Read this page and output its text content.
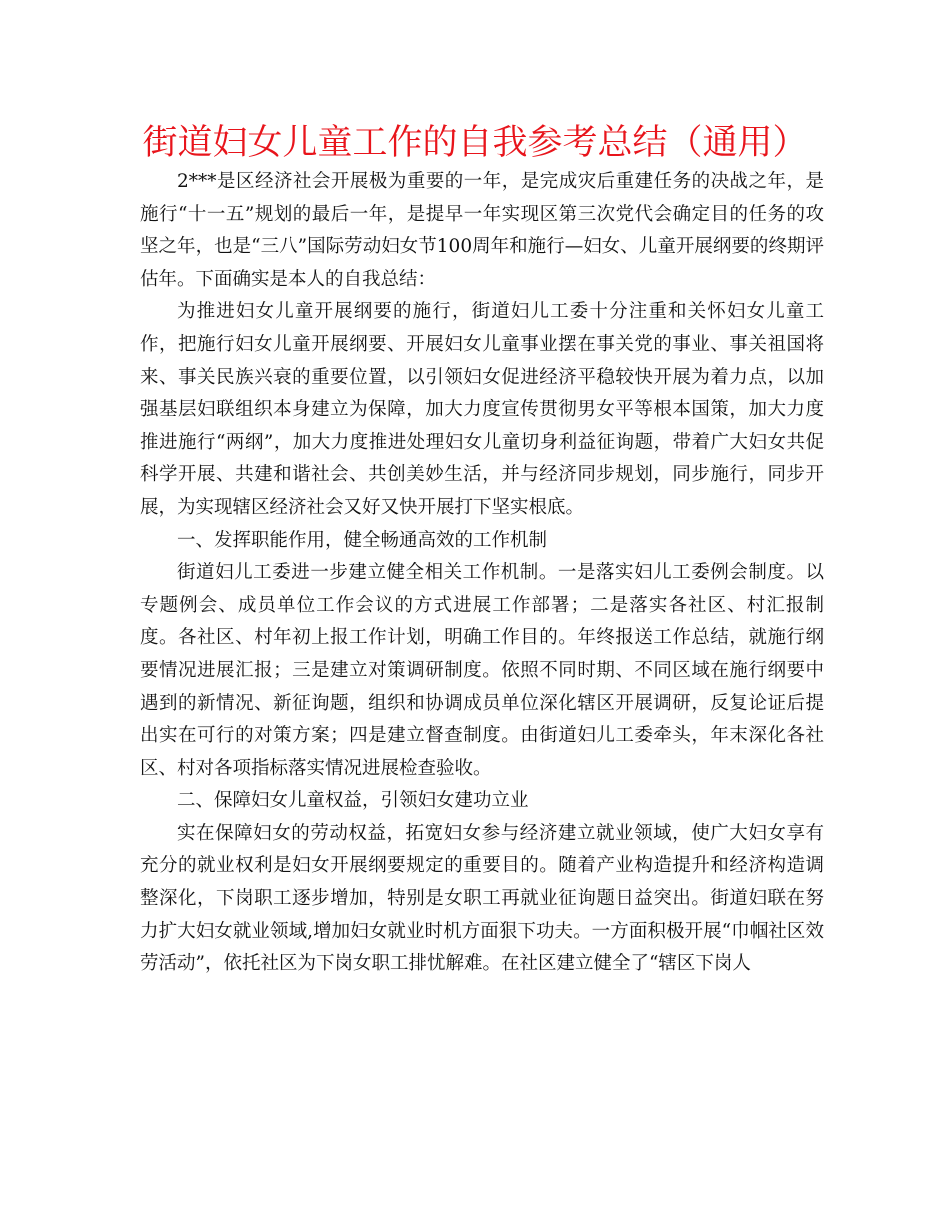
街道妇女儿童工作的自我参考总结（通用）

2***是区经济社会开展极为重要的一年，是完成灾后重建任务的决战之年，是施行“十一五”规划的最后一年，是提早一年实现区第三次党代会确定目的任务的攻坚之年，也是“三八”国际劳动妇女节100周年和施行—妇女、儿童开展纲要的终期评估年。下面确实是本人的自我总结：

为推进妇女儿童开展纲要的施行，街道妇儿工委十分注重和关怀妇女儿童工作，把施行妇女儿童开展纲要、开展妇女儿童事业摆在事关党的事业、事关祖国将来、事关民族兴衰的重要位置，以引领妇女促进经济平稳较快开展为着力点，以加强基层妇联组织本身建立为保障，加大力度宣传贯彻男女平等根本国策，加大力度推进施行“两纲”，加大力度推进处理妇女儿童切身利益征询题，带着广大妇女共促科学开展、共建和谐社会、共创美妙生活，并与经济同步规划，同步施行，同步开展，为实现辖区经济社会又好又快开展打下坚实根底。

一、发挥职能作用，健全畅通高效的工作机制

街道妇儿工委进一步建立健全相关工作机制。一是落实妇儿工委例会制度。以专题例会、成员单位工作会议的方式进展工作部署；二是落实各社区、村汇报制度。各社区、村年初上报工作计划，明确工作目的。年终报送工作总结，就施行纲要情况进展汇报；三是建立对策调研制度。依照不同时期、不同区域在施行纲要中遇到的新情况、新征询题，组织和协调成员单位深化辖区开展调研，反复论证后提出实在可行的对策方案；四是建立督查制度。由街道妇儿工委牵头，年末深化各社区、村对各项指标落实情况进展检查验收。

二、保障妇女儿童权益，引领妇女建功立业

实在保障妇女的劳动权益，拓宽妇女参与经济建立就业领域，使广大妇女享有充分的就业权利是妇女开展纲要规定的重要目的。随着产业构造提升和经济构造调整深化，下岗职工逐步增加，特别是女职工再就业征询题日益突出。街道妇联在努力扩大妇女就业领域,增加妇女就业时机方面狠下功夫。一方面积极开展“巾帼社区效劳活动”，依托社区为下岗女职工排忧解难。在社区建立健全了“辖区下岗人
